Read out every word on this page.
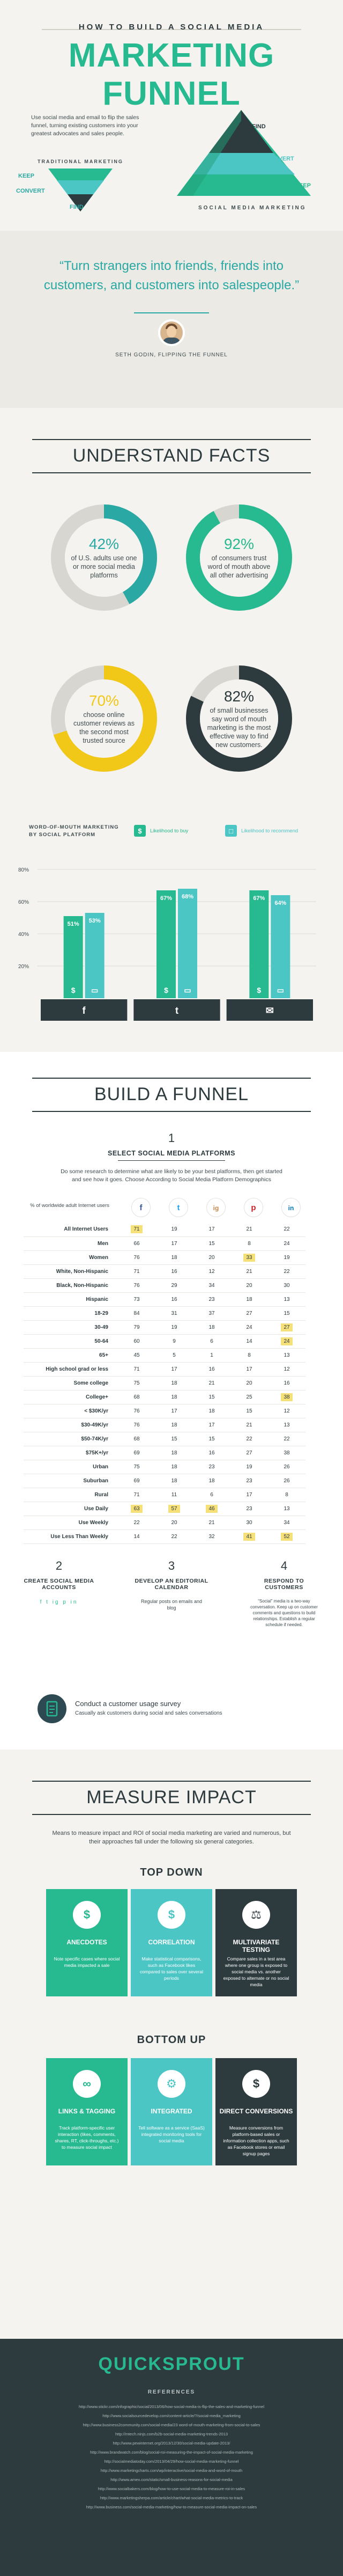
HOW TO BUILD A SOCIAL MEDIA
MARKETING FUNNEL
Use social media and email to flip the sales funnel, turning existing customers into your greatest advocates and sales people.
TRADITIONAL MARKETING
KEEP
CONVERT
FIND
FIND
CONVERT
KEEP
SOCIAL MEDIA MARKETING
“Turn strangers into friends, friends into customers, and customers into salespeople.”
SETH GODIN, FLIPPING THE FUNNEL
UNDERSTAND FACTS
42%
of U.S. adults use one or more social media platforms
92%
of consumers trust word of mouth above all other advertising
70%
choose online customer reviews as the second most trusted source
82%
of small businesses say word of mouth marketing is the most effective way to find new customers.
WORD-OF-MOUTH MARKETING BY SOCIAL PLATFORM	$	Likelihood to buy	□	Likelihood to recommend
80%
60%
40%
20%
51%
$
53%
▭
f
67%
$
68%
▭
t
67%
$
64%
▭
✉
BUILD A FUNNEL
1
SELECT SOCIAL MEDIA PLATFORMS
Do some research to determine what are likely to be your best platforms, then get started and see how it goes. Choose According to Social Media Platform Demographics
% of worldwide adult Internet users	f	t	ig	p	in
All Internet Users	71	19	17	21	22
Men	66	17	15	8	24
Women	76	18	20	33	19
White, Non-Hispanic	71	16	12	21	22
Black, Non-Hispanic	76	29	34	20	30
Hispanic	73	16	23	18	13
18-29	84	31	37	27	15
30-49	79	19	18	24	27
50-64	60	9	6	14	24
65+	45	5	1	8	13
High school grad or less	71	17	16	17	12
Some college	75	18	21	20	16
College+	68	18	15	25	38
< $30K/yr	76	17	18	15	12
$30-49K/yr	76	18	17	21	13
$50-74K/yr	68	15	15	22	22
$75K+/yr	69	18	16	27	38
Urban	75	18	23	19	26
Suburban	69	18	18	23	26
Rural	71	11	6	17	8
Use Daily	63	57	46	23	13
Use Weekly	22	20	21	30	34
Use Less Than Weekly	14	22	32	41	52
2
CREATE SOCIAL MEDIA ACCOUNTS
f t ig p in
3
DEVELOP AN EDITORIAL CALENDAR
Regular posts on emails and blog
4
RESPOND TO CUSTOMERS
“Social” media is a two-way conversation. Keep up on customer comments and questions to build relationships. Establish a regular schedule if needed.
Conduct a customer usage survey
Casually ask customers during social and sales conversations
MEASURE IMPACT
Means to measure impact and ROI of social media marketing are varied and numerous, but their approaches fall under the following six general categories.
TOP DOWN
$
ANECDOTES
Note specific cases where social media impacted a sale
$
CORRELATION
Make statistical comparisons, such as Facebook likes compared to sales over several periods
⚖
MULTIVARIATE TESTING
Compare sales in a test area where one group is exposed to social media vs. another exposed to alternate or no social media
BOTTOM UP
∞
LINKS & TAGGING
Track platform-specific user interaction (likes, comments, shares, RT, click-throughs, etc.) to measure social impact
⚙
INTEGRATED
Tell software as a service (SaaS) integrated monitoring tools for social media
$
DIRECT CONVERSIONS
Measure conversions from platform-based sales or information collection apps, such as Facebook stores or email signup pages
QUICKSPROUT
REFERENCES
http://www.stickr.com/infographic/social/2013/06/how-social-media-is-flip-the-sales-and-marketing-funnel
http://www.socialsourcedevelop.com/content-article/?/social-media_marketing
http://www.business2community.com/social-media/23 word-of-mouth-marketing-from-social-to-sales
http://mtech.ninjs.com/b2b-social-media-marketing-trends-2013
http://www.pewinternet.org/2013/12/30/social-media-update-2013/
http://www.brandwatch.com/blog/social-roi-measuring-the-impact-of-social-media-marketing
http://socialmediatoday.com/2013/04/29/how-social-media-marketing-funnel
http://www.marketingcharts.com/wp/interactive/social-media-and-word-of-mouth
http://www.amex.com/static/small-business-reasons-for-social-media
http://www.socialbakers.com/blog/how-to-use-social-media-to-measure-roi-in-sales
http://www.marketingsherpa.com/article/chart/what-social-media-metrics-to-track
http://www.business.com/social-media-marketing/how-to-measure-social-media-impact-on-sales
